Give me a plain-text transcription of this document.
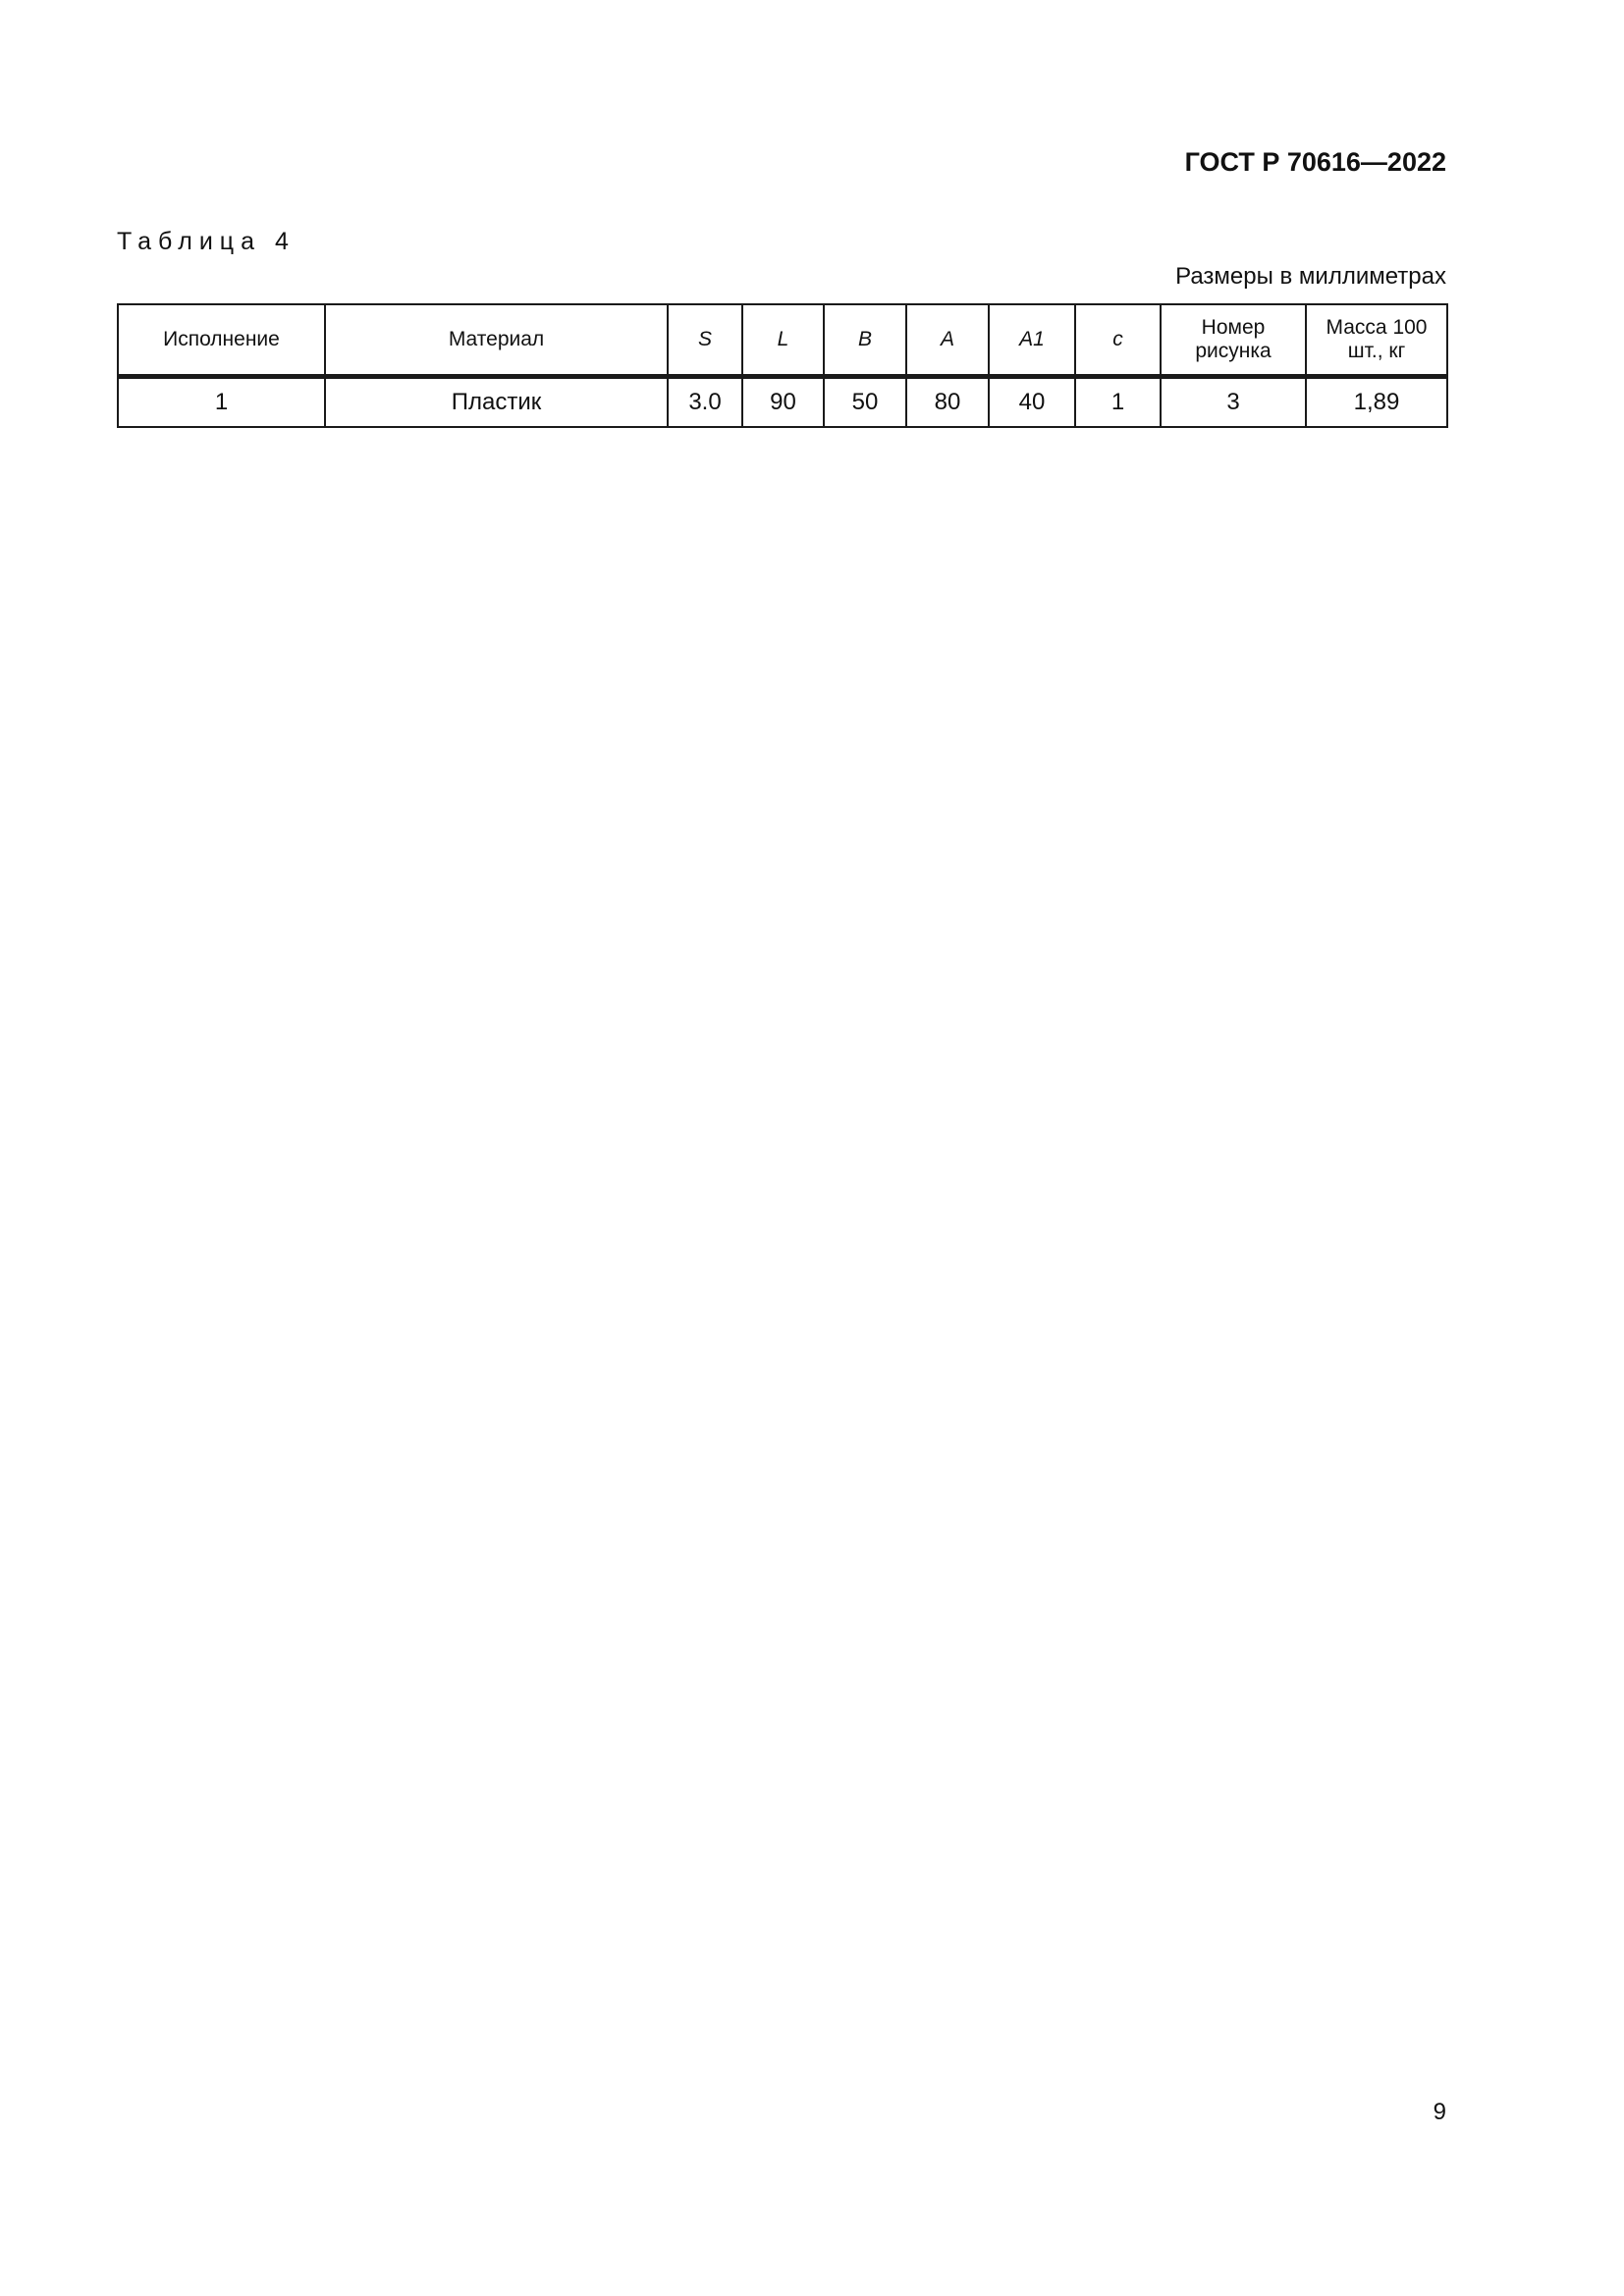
ГОСТ Р 70616—2022
Таблица 4
Размеры в миллиметрах
Исполнение	Материал	S	L	B	A	A1	c	Номер рисунка	Масса 100 шт., кг
1	Пластик	3.0	90	50	80	40	1	3	1,89
9
